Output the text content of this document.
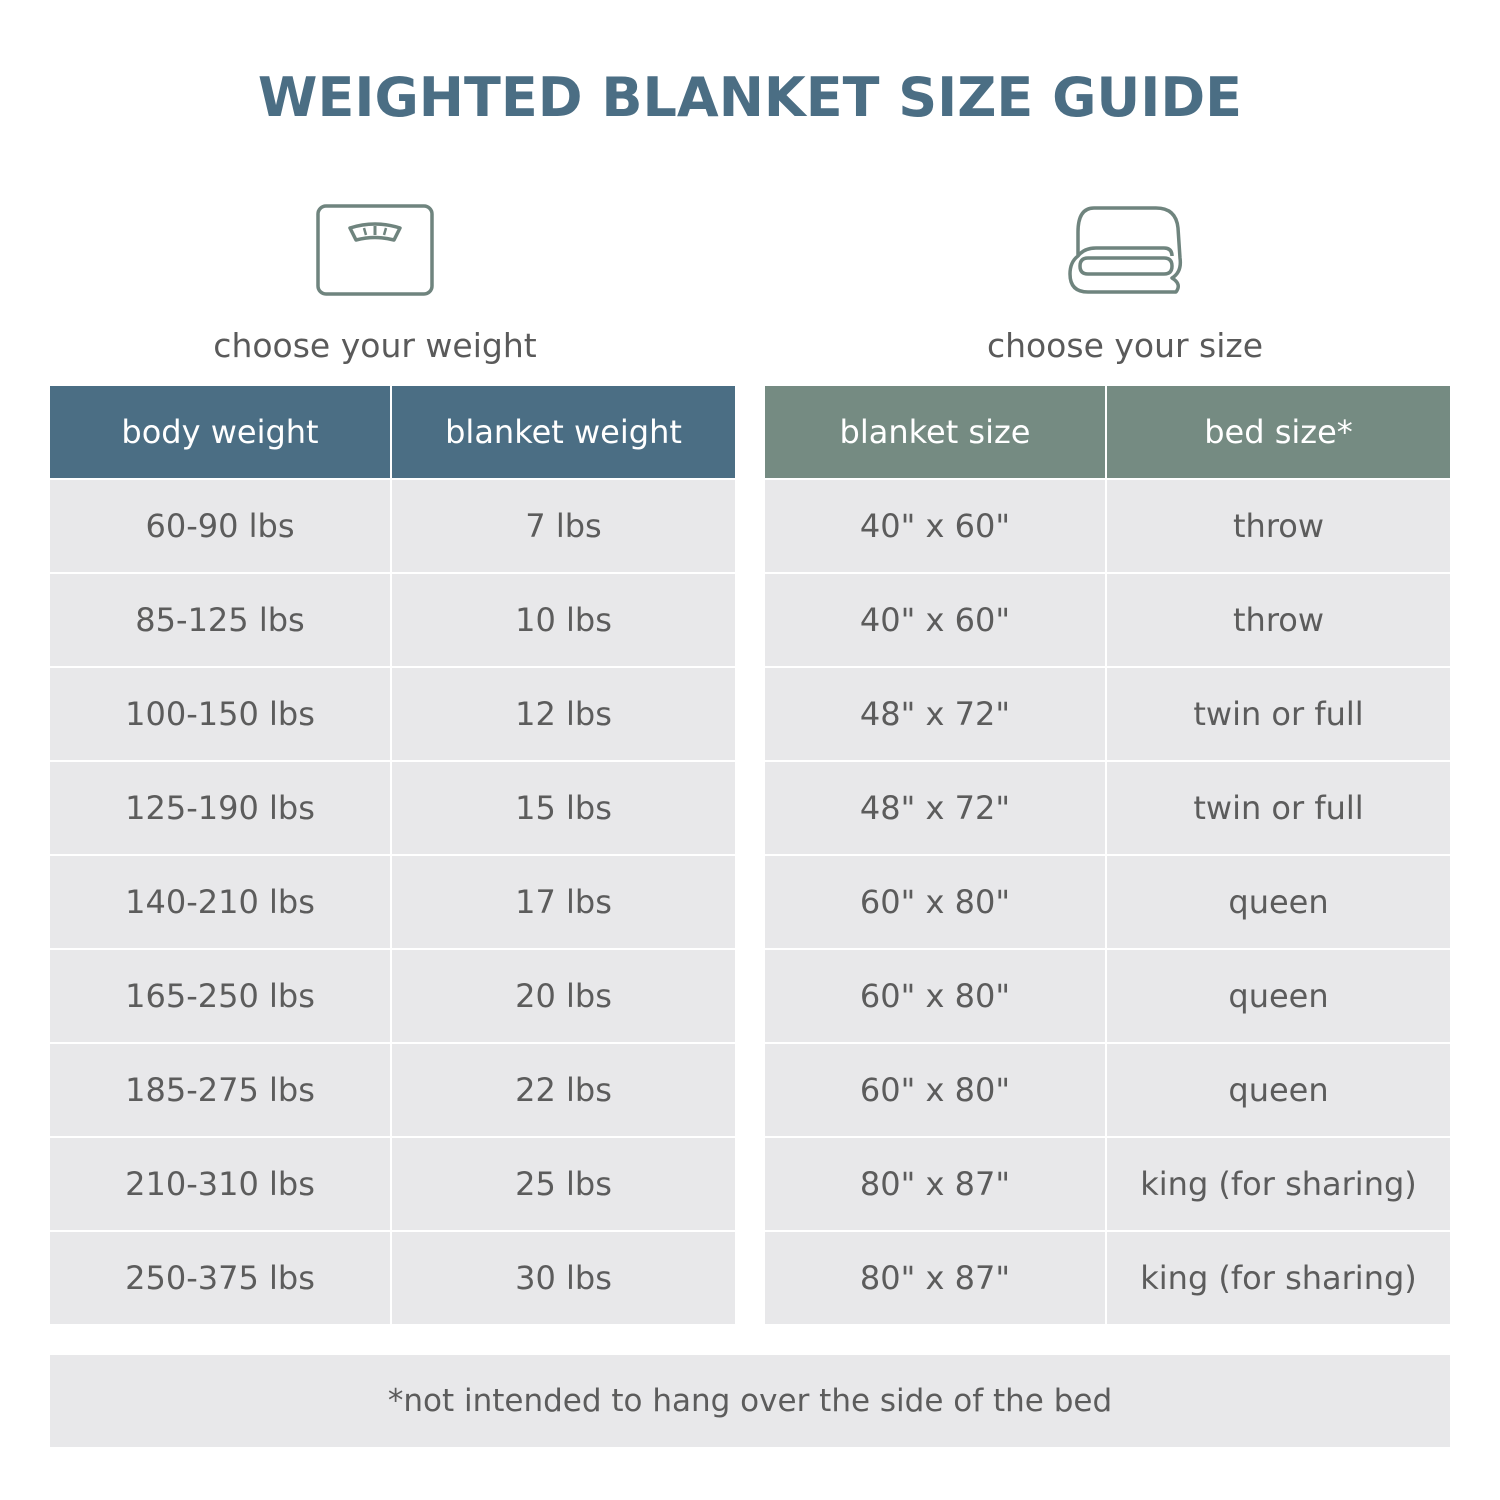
WEIGHTED BLANKET SIZE GUIDE
choose your weight	choose your size
body weight	blanket weight
60-90 lbs	7 lbs
85-125 lbs	10 lbs
100-150 lbs	12 lbs
125-190 lbs	15 lbs
140-210 lbs	17 lbs
165-250 lbs	20 lbs
185-275 lbs	22 lbs
210-310 lbs	25 lbs
250-375 lbs	30 lbs
blanket size	bed size*
40" x 60"	throw
40" x 60"	throw
48" x 72"	twin or full
48" x 72"	twin or full
60" x 80"	queen
60" x 80"	queen
60" x 80"	queen
80" x 87"	king (for sharing)
80" x 87"	king (for sharing)
*not intended to hang over the side of the bed
